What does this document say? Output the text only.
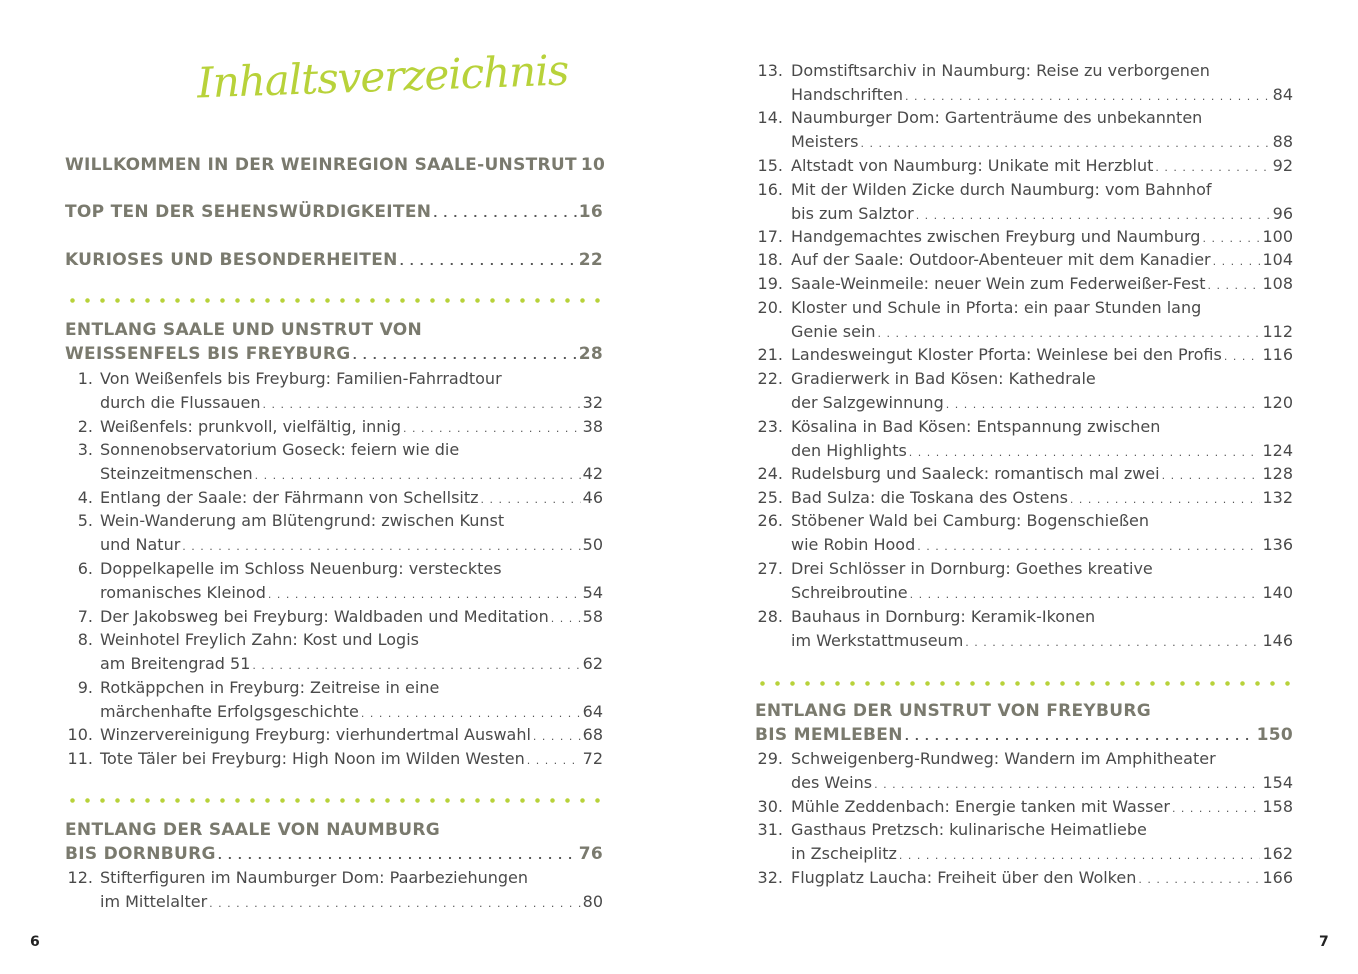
Inhaltsverzeichnis
WILLKOMMEN IN DER WEINREGION SAALE-UNSTRUT 10
TOP TEN DER SEHENSWÜRDIGKEITEN . . .	16
KURIOSES UND BESONDERHEITEN . . .	22
ENTLANG SAALE UND UNSTRUT VON
WEISSENFELS BIS FREYBURG . . .	28
1. Von Weißenfels bis Freyburg: Familien-Fahrradtour
durch die Flussauen . . .	32
2. Weißenfels: prunkvoll, vielfältig, innig . . .	38
3. Sonnenobservatorium Goseck: feiern wie die
Steinzeitmenschen . . .	42
4. Entlang der Saale: der Fährmann von Schellsitz . . .	46
5. Wein-Wanderung am Blütengrund: zwischen Kunst
und Natur . . .	50
6. Doppelkapelle im Schloss Neuenburg: verstecktes
romanisches Kleinod . . .	54
7. Der Jakobsweg bei Freyburg: Waldbaden und Meditation . . . 58
8. Weinhotel Freylich Zahn: Kost und Logis
am Breitengrad 51 . . .	62
9. Rotkäppchen in Freyburg: Zeitreise in eine
märchenhafte Erfolgsgeschichte . . .	64
10. Winzervereinigung Freyburg: vierhundertmal Auswahl . . .	68
11. Tote Täler bei Freyburg: High Noon im Wilden Westen . . .	72
ENTLANG DER SAALE VON NAUMBURG
BIS DORNBURG . . .	76
12. Stifterfiguren im Naumburger Dom: Paarbeziehungen
im Mittelalter . . .	80
6
13. Domstiftsarchiv in Naumburg: Reise zu verborgenen
Handschriften . . .	84
14. Naumburger Dom: Gartenträume des unbekannten
Meisters . . .	88
15. Altstadt von Naumburg: Unikate mit Herzblut . . .	92
16. Mit der Wilden Zicke durch Naumburg: vom Bahnhof
bis zum Salztor . . .	96
17. Handgemachtes zwischen Freyburg und Naumburg . . .	100
18. Auf der Saale: Outdoor-Abenteuer mit dem Kanadier . . .	104
19. Saale-Weinmeile: neuer Wein zum Federweißer-Fest . . .	108
20. Kloster und Schule in Pforta: ein paar Stunden lang
Genie sein . . .	112
21. Landesweingut Kloster Pforta: Weinlese bei den Profis . . .	116
22. Gradierwerk in Bad Kösen: Kathedrale
der Salzgewinnung . . .	120
23. Kösalina in Bad Kösen: Entspannung zwischen
den Highlights . . .	124
24. Rudelsburg und Saaleck: romantisch mal zwei . . .	128
25. Bad Sulza: die Toskana des Ostens . . .	132
26. Stöbener Wald bei Camburg: Bogenschießen
wie Robin Hood . . .	136
27. Drei Schlösser in Dornburg: Goethes kreative
Schreibroutine . . .	140
28. Bauhaus in Dornburg: Keramik-Ikonen
im Werkstattmuseum . . .	146
ENTLANG DER UNSTRUT VON FREYBURG
BIS MEMLEBEN . . .	150
29. Schweigenberg-Rundweg: Wandern im Amphitheater
des Weins . . .	154
30. Mühle Zeddenbach: Energie tanken mit Wasser . . .	158
31. Gasthaus Pretzsch: kulinarische Heimatliebe
in Zscheiplitz . . .	162
32. Flugplatz Laucha: Freiheit über den Wolken . . .	166
7
